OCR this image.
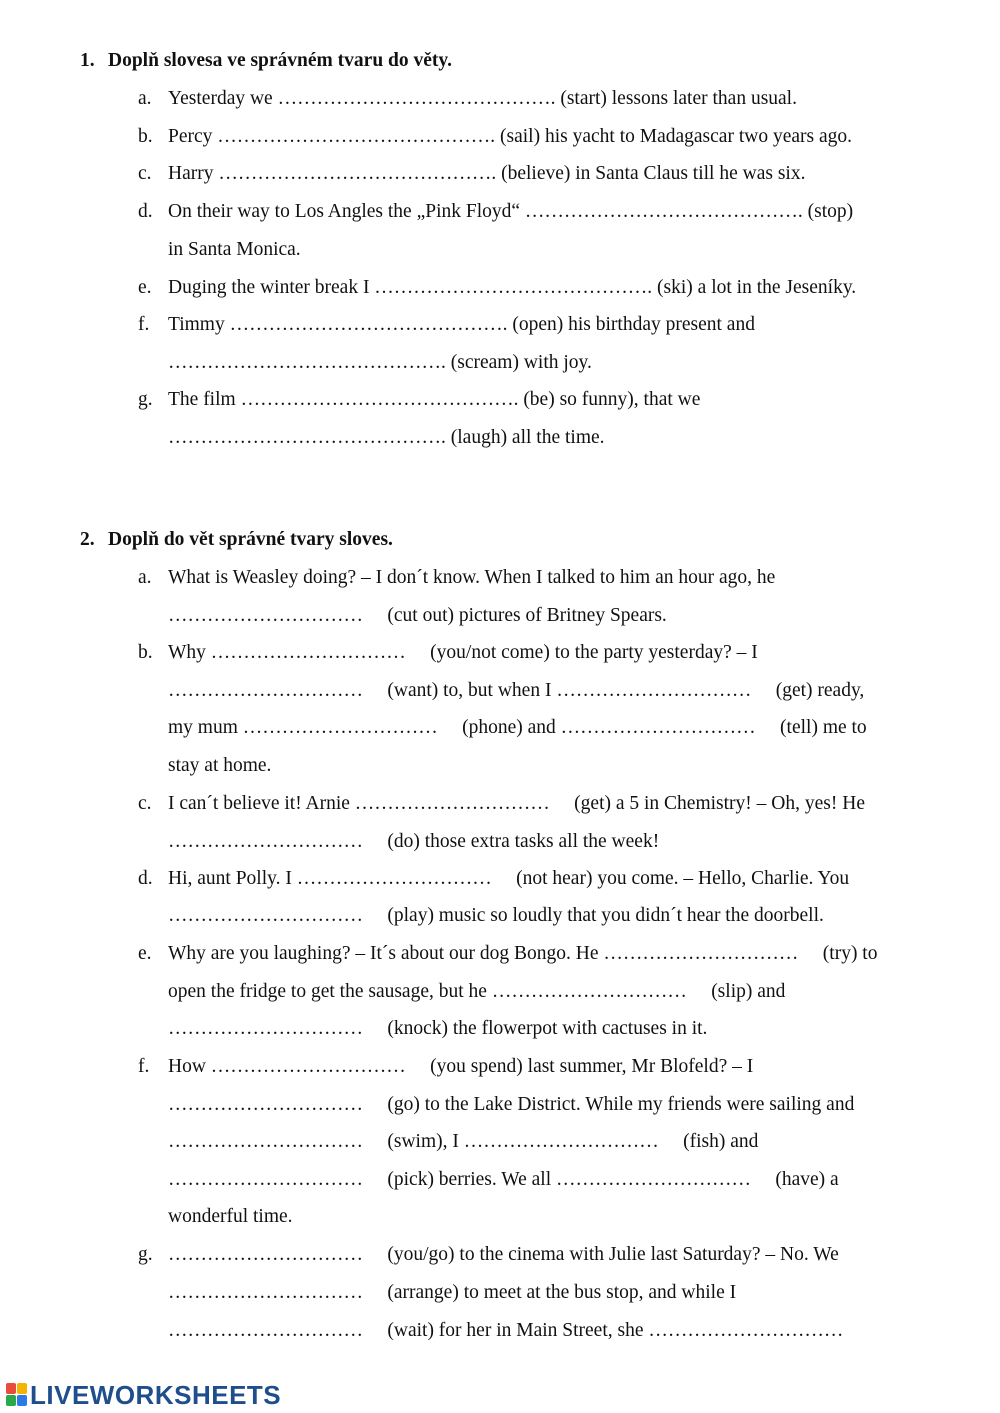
1. Doplň slovesa ve správném tvaru do věty.
a. Yesterday we ……………………………………. (start) lessons later than usual.
b. Percy ……………………………………. (sail) his yacht to Madagascar two years ago.
c. Harry ……………………………………. (believe) in Santa Claus till he was six.
d. On their way to Los Angles the „Pink Floyd“ ……………………………………. (stop)
in Santa Monica.
e. Duging the winter break I ……………………………………. (ski) a lot in the Jeseníky.
f. Timmy ……………………………………. (open) his birthday present and
……………………………………. (scream) with joy.
g. The film ……………………………………. (be) so funny), that we
……………………………………. (laugh) all the time.
2. Doplň do vět správné tvary sloves.
a. What is Weasley doing? – I don´t know. When I talked to him an hour ago, he
…………………………  (cut out) pictures of Britney Spears.
b. Why …………………………  (you/not come) to the party yesterday? – I
…………………………  (want) to, but when I …………………………  (get) ready,
my mum …………………………  (phone) and …………………………  (tell) me to
stay at home.
c. I can´t believe it! Arnie …………………………  (get) a 5 in Chemistry! – Oh, yes! He
…………………………  (do) those extra tasks all the week!
d. Hi, aunt Polly. I …………………………  (not hear) you come. – Hello, Charlie. You
…………………………  (play) music so loudly that you didn´t hear the doorbell.
e. Why are you laughing? – It´s about our dog Bongo. He …………………………  (try) to
open the fridge to get the sausage, but he …………………………  (slip) and
…………………………  (knock) the flowerpot with cactuses in it.
f. How …………………………  (you spend) last summer, Mr Blofeld? – I
…………………………  (go) to the Lake District. While my friends were sailing and
…………………………  (swim), I …………………………  (fish) and
…………………………  (pick) berries. We all …………………………  (have) a
wonderful time.
g. …………………………  (you/go) to the cinema with Julie last Saturday? – No. We
…………………………  (arrange) to meet at the bus stop, and while I
…………………………  (wait) for her in Main Street, she …………………………
LIVEWORKSHEETS
